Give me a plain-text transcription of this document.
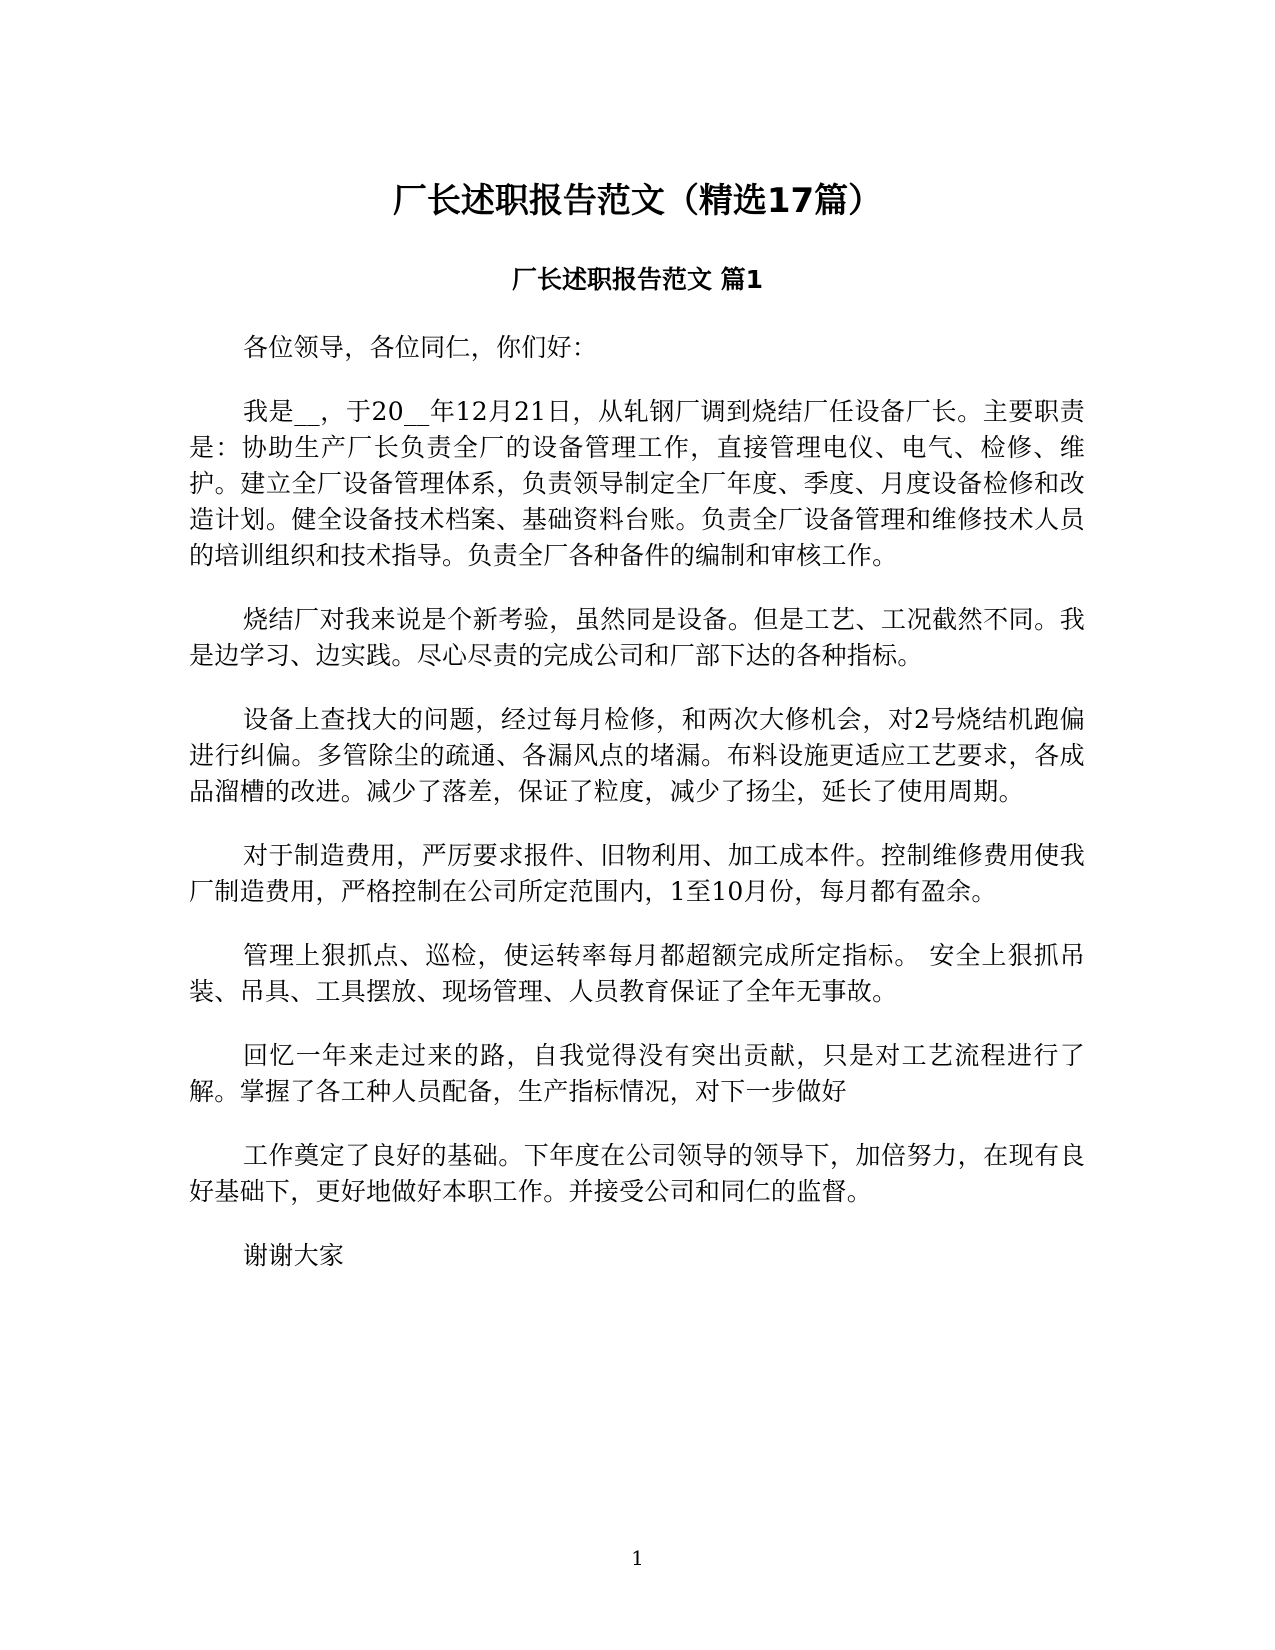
厂长述职报告范文（精选17篇）
厂长述职报告范文 篇1

各位领导，各位同仁，你们好：

我是__，于20__年12月21日，从轧钢厂调到烧结厂任设备厂长。主要职责是：协助生产厂长负责全厂的设备管理工作，直接管理电仪、电气、检修、维护。建立全厂设备管理体系，负责领导制定全厂年度、季度、月度设备检修和改造计划。健全设备技术档案、基础资料台账。负责全厂设备管理和维修技术人员的培训组织和技术指导。负责全厂各种备件的编制和审核工作。

烧结厂对我来说是个新考验，虽然同是设备。但是工艺、工况截然不同。我是边学习、边实践。尽心尽责的完成公司和厂部下达的各种指标。

设备上查找大的问题，经过每月检修，和两次大修机会，对2号烧结机跑偏进行纠偏。多管除尘的疏通、各漏风点的堵漏。布料设施更适应工艺要求，各成品溜槽的改进。减少了落差，保证了粒度，减少了扬尘，延长了使用周期。

对于制造费用，严厉要求报件、旧物利用、加工成本件。控制维修费用使我厂制造费用，严格控制在公司所定范围内，1至10月份，每月都有盈余。

管理上狠抓点、巡检，使运转率每月都超额完成所定指标。 安全上狠抓吊装、吊具、工具摆放、现场管理、人员教育保证了全年无事故。

回忆一年来走过来的路，自我觉得没有突出贡献，只是对工艺流程进行了解。掌握了各工种人员配备，生产指标情况，对下一步做好

工作奠定了良好的基础。下年度在公司领导的领导下，加倍努力，在现有良好基础下，更好地做好本职工作。并接受公司和同仁的监督。

谢谢大家

1
